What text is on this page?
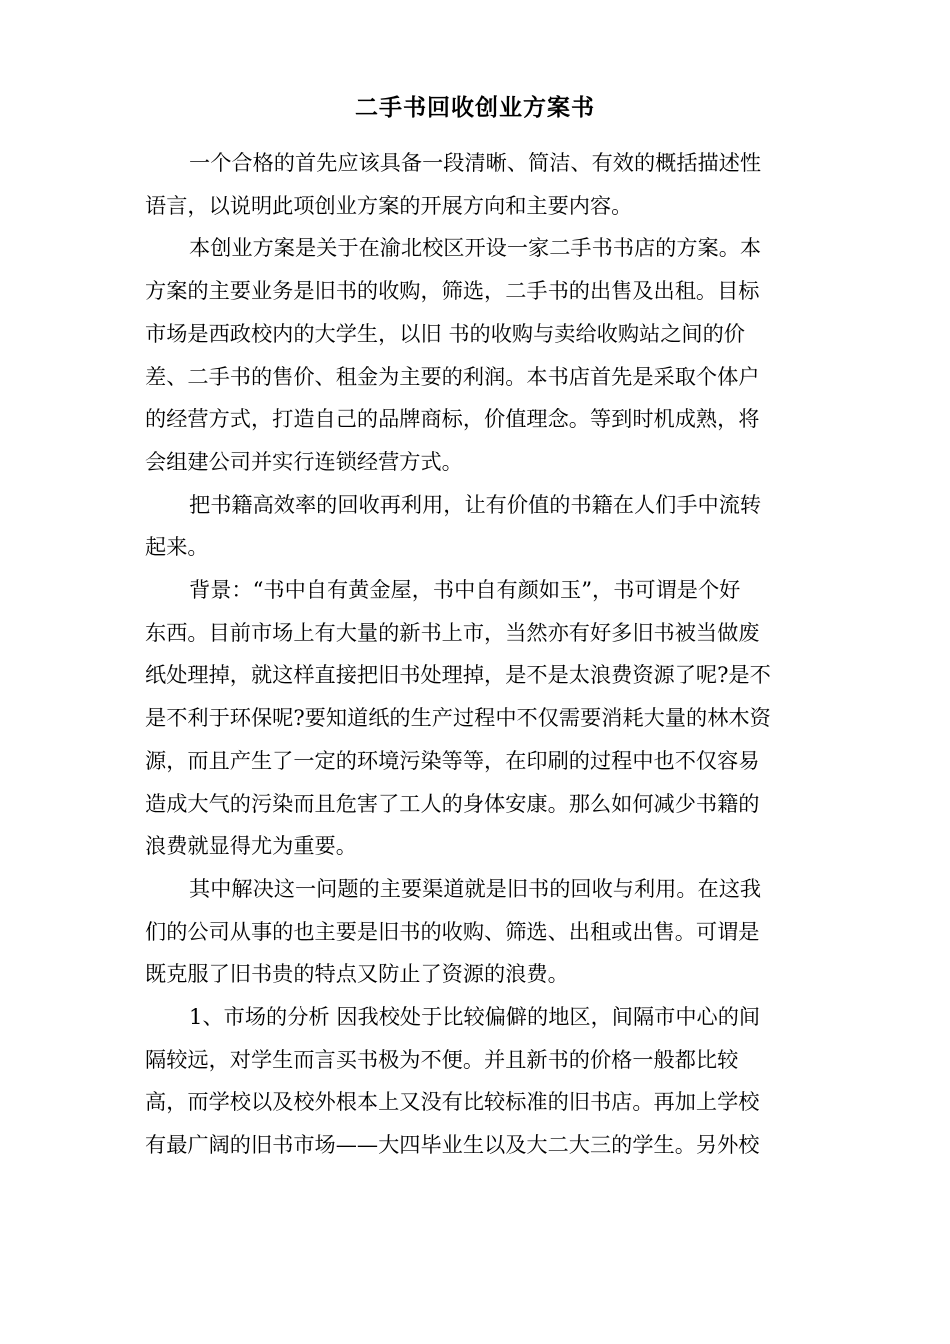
二手书回收创业方案书

一个合格的首先应该具备一段清晰、简洁、有效的概括描述性
语言，以说明此项创业方案的开展方向和主要内容。

本创业方案是关于在渝北校区开设一家二手书书店的方案。本
方案的主要业务是旧书的收购，筛选，二手书的出售及出租。目标
市场是西政校内的大学生，以旧 书的收购与卖给收购站之间的价
差、二手书的售价、租金为主要的利润。本书店首先是采取个体户
的经营方式，打造自己的品牌商标，价值理念。等到时机成熟，将
会组建公司并实行连锁经营方式。

把书籍高效率的回收再利用，让有价值的书籍在人们手中流转
起来。

背景：“书中自有黄金屋，书中自有颜如玉”，书可谓是个好
东西。目前市场上有大量的新书上市，当然亦有好多旧书被当做废
纸处理掉，就这样直接把旧书处理掉，是不是太浪费资源了呢?是不
是不利于环保呢?要知道纸的生产过程中不仅需要消耗大量的林木资
源，而且产生了一定的环境污染等等，在印刷的过程中也不仅容易
造成大气的污染而且危害了工人的身体安康。那么如何减少书籍的
浪费就显得尤为重要。

其中解决这一问题的主要渠道就是旧书的回收与利用。在这我
们的公司从事的也主要是旧书的收购、筛选、出租或出售。可谓是
既克服了旧书贵的特点又防止了资源的浪费。

1、市场的分析 因我校处于比较偏僻的地区，间隔市中心的间
隔较远，对学生而言买书极为不便。并且新书的价格一般都比较
高，而学校以及校外根本上又没有比较标准的旧书店。再加上学校
有最广阔的旧书市场——大四毕业生以及大二大三的学生。另外校
